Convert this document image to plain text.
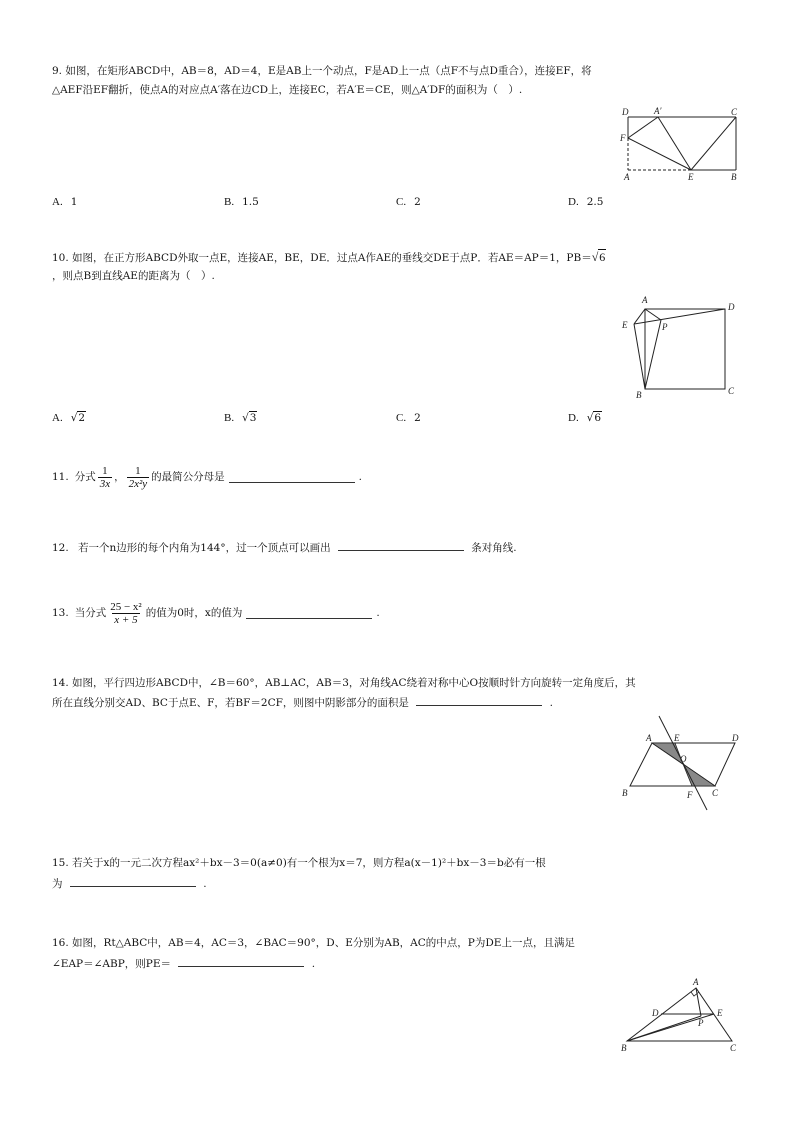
9. 如图，在矩形ABCD中，AB＝8，AD＝4，E是AB上一个动点，F是AD上一点（点F不与点D重合），连接EF，将
△AEF沿EF翻折，使点A的对应点A′落在边CD上，连接EC，若A′E＝CE，则△A′DF的面积为（　）.
D	A′	C
F
A	E	B
A. 1	B. 1.5	C. 2	D. 2.5
10. 如图，在正方形ABCD外取一点E，连接AE，BE，DE．过点A作AE的垂线交DE于点P．若AE＝AP＝1，PB＝√6
，则点B到直线AE的距离为（　）.
A
D
E	P
B	C
A. √2	B. √3	C. 2	D. √6
11. 分式 $\frac{1}{3x}$ ， $\frac{1}{\text{2x²y}}$ 的最简公分母是	.
12. 若一个n边形的每个内角为144°，过一个顶点可以画出	条对角线.
13. 当分式 $\frac{\text{25 − x²}}{x + 5}$ 的值为0时，x的值为	.
14. 如图，平行四边形ABCD中，∠B＝60°，AB⊥AC，AB＝3，对角线AC绕着对称中心O按顺时针方向旋转一定角度后，其
所在直线分别交AD、BC于点E、F，若BF＝2CF，则图中阴影部分的面积是	.
A	E	D
O
B	F C
15. 若关于x的一元二次方程ax²＋bx－3＝0(a≠0)有一个根为x＝7，则方程a(x－1)²＋bx－3＝b必有一根
为	.
16. 如图，Rt△ABC中，AB＝4，AC＝3，∠BAC＝90°，D、E分别为AB，AC的中点，P为DE上一点，且满足
∠EAP＝∠ABP，则PE＝	.
A
D
P
E
B	C
